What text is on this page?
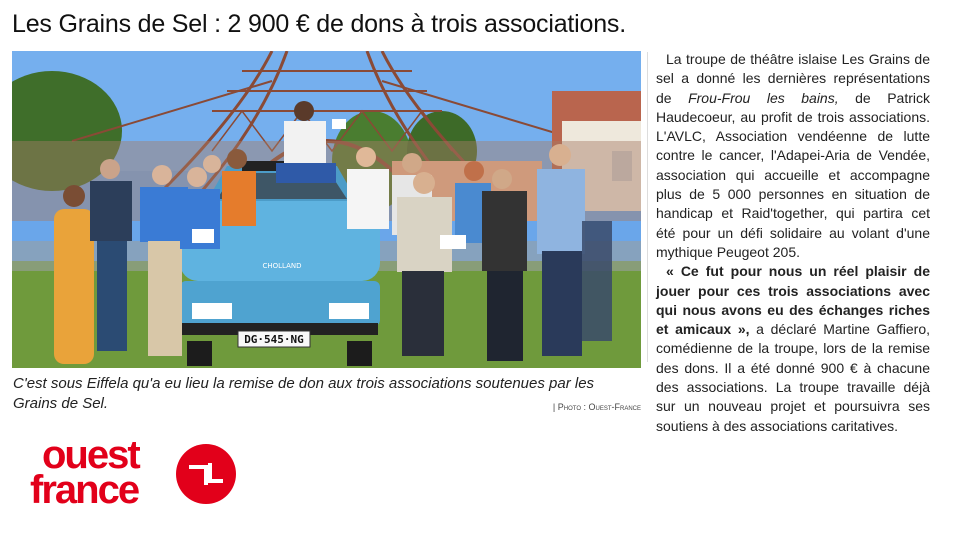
Les Grains de Sel : 2 900 € de dons à trois associations.
DG·545·NG
CHOLLAND
C'est sous Eiffela qu'a eu lieu la remise de don aux trois associations soutenues par les Grains de Sel.	| Photo : Ouest-France
ouest
france

La troupe de théâtre islaise Les Grains de sel a donné les dernières représentations de Frou-Frou les bains, de Patrick Haudecoeur, au profit de trois associations. L'AVLC, Association vendéenne de lutte contre le cancer, l'Adapei-Aria de Vendée, association qui accueille et accompagne plus de 5 000 personnes en situation de handicap et Raid'together, qui partira cet été pour un défi solidaire au volant d'une mythique Peugeot 205.

« Ce fut pour nous un réel plaisir de jouer pour ces trois associations avec qui nous avons eu des échanges riches et amicaux », a déclaré Martine Gaffiero, comédienne de la troupe, lors de la remise des dons. Il a été donné 900 € à chacune des associations. La troupe travaille déjà sur un nouveau projet et poursuivra ses soutiens à des associations caritatives.
